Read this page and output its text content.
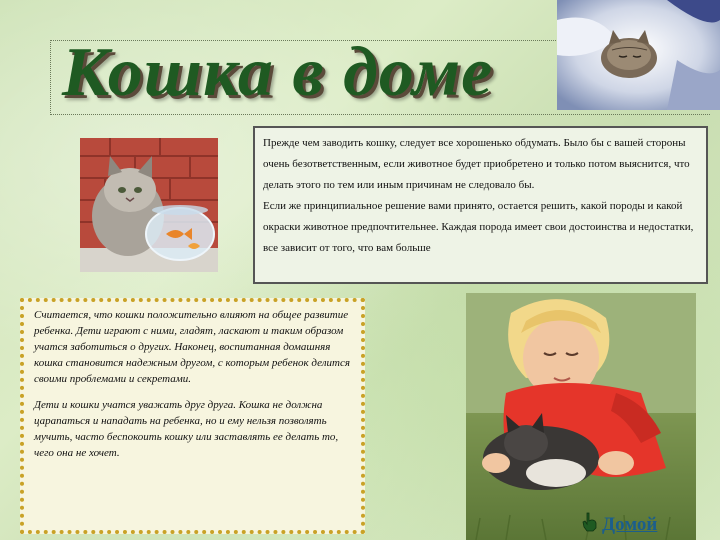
Кошка в доме

Прежде чем заводить кошку, следует все хорошенько обдумать. Было бы с вашей стороны очень безответственным, если животное будет приобретено и только потом выяснится, что делать этого по тем или иным причинам не следовало бы.

Если же принципиальное решение вами принято, остается решить, какой породы и какой окраски животное предпочтительнее. Каждая порода имеет свои достоинства и недостатки, все зависит от того, что вам больше

Считается, что кошки положительно влияют на общее развитие ребенка. Дети играют с ними, гладят, ласкают и таким образом учатся заботиться о других. Наконец, воспитанная домашняя кошка становится надежным другом, с которым ребенок делится своими проблемами и секретами.

Дети и кошки учатся уважать друг друга. Кошка не должна царапаться и нападать на ребенка, но и ему нельзя позволять мучить, часто беспокоить кошку или заставлять ее делать то, чего она не хочет.

Домой
